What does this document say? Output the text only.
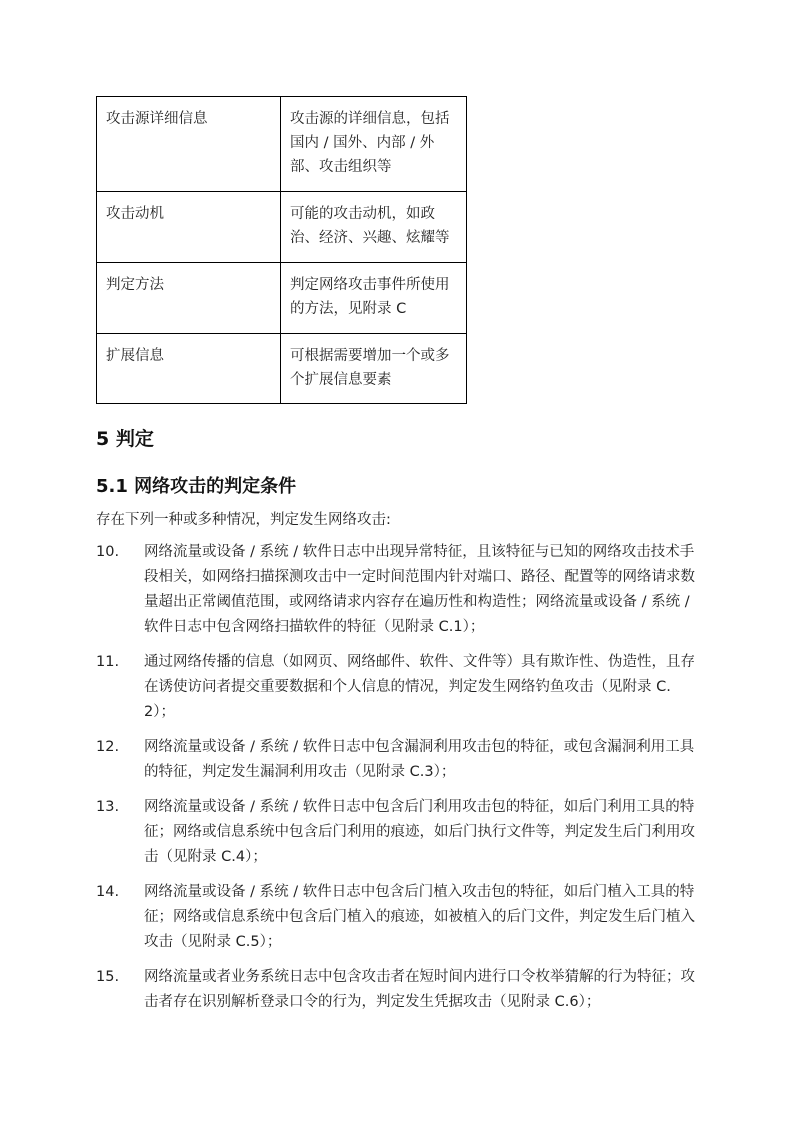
攻击源详细信息	攻击源的详细信息，包括国内 / 国外、内部 / 外部、攻击组织等
攻击动机	可能的攻击动机，如政治、经济、兴趣、炫耀等
判定方法	判定网络攻击事件所使用的方法，见附录 C
扩展信息	可根据需要增加一个或多个扩展信息要素
5 判定
5.1 网络攻击的判定条件

存在下列一种或多种情况，判定发生网络攻击:

10.	网络流量或设备 / 系统 / 软件日志中出现异常特征，且该特征与已知的网络攻击技术手段相关，如网络扫描探测攻击中一定时间范围内针对端口、路径、配置等的网络请求数量超出正常阈值范围，或网络请求内容存在遍历性和构造性；网络流量或设备 / 系统 / 软件日志中包含网络扫描软件的特征（见附录 C.1）；
11.	通过网络传播的信息（如网页、网络邮件、软件、文件等）具有欺诈性、伪造性，且存在诱使访问者提交重要数据和个人信息的情况，判定发生网络钓鱼攻击（见附录 C.2）；
12.	网络流量或设备 / 系统 / 软件日志中包含漏洞利用攻击包的特征，或包含漏洞利用工具的特征，判定发生漏洞利用攻击（见附录 C.3）；
13.	网络流量或设备 / 系统 / 软件日志中包含后门利用攻击包的特征，如后门利用工具的特征；网络或信息系统中包含后门利用的痕迹，如后门执行文件等，判定发生后门利用攻击（见附录 C.4）；
14.	网络流量或设备 / 系统 / 软件日志中包含后门植入攻击包的特征，如后门植入工具的特征；网络或信息系统中包含后门植入的痕迹，如被植入的后门文件，判定发生后门植入攻击（见附录 C.5）；
15.	网络流量或者业务系统日志中包含攻击者在短时间内进行口令枚举猜解的行为特征；攻击者存在识别解析登录口令的行为，判定发生凭据攻击（见附录 C.6）；
